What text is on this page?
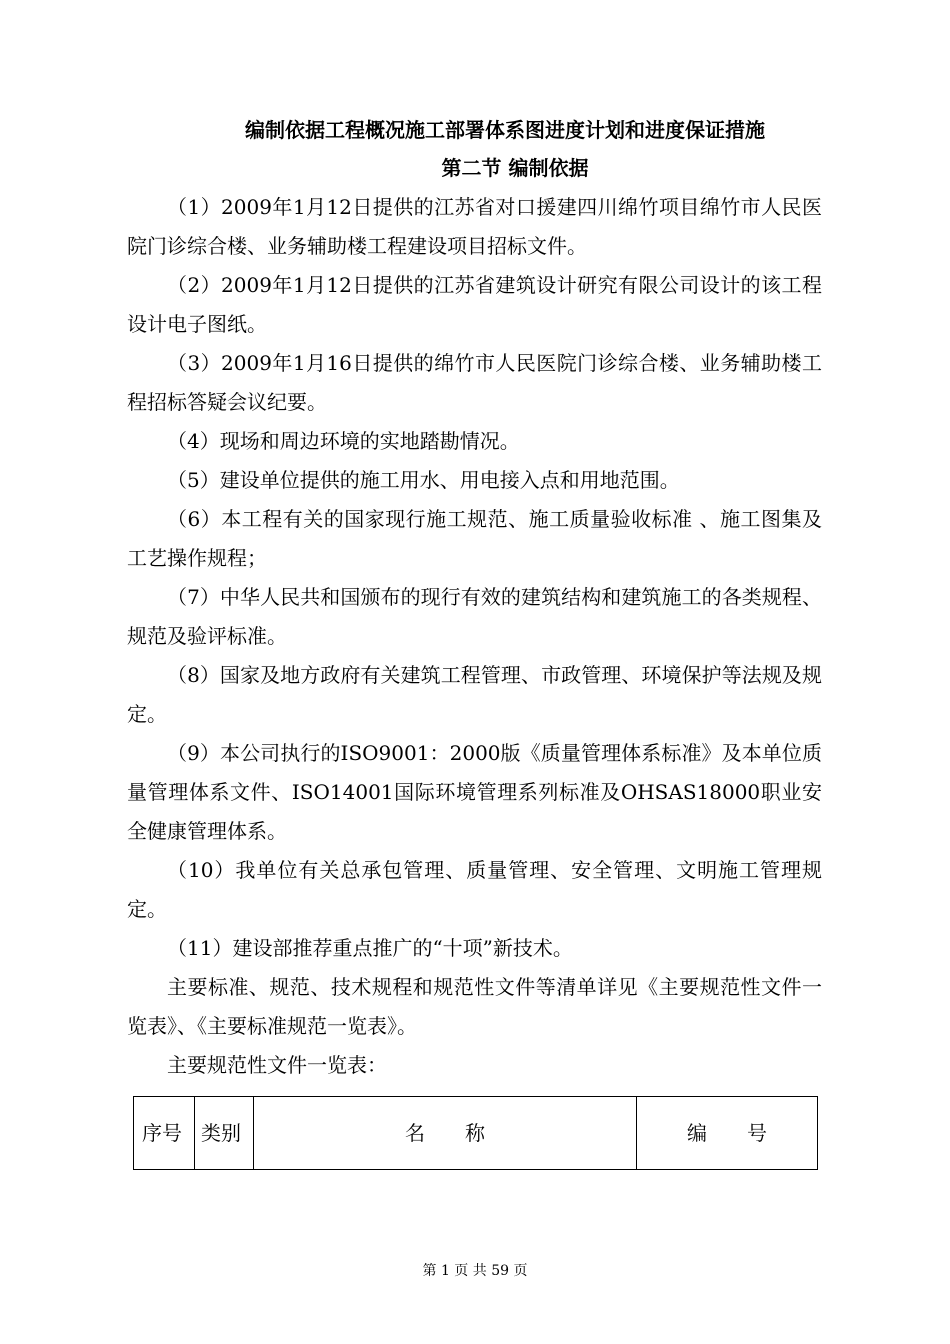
编制依据工程概况施工部署体系图进度计划和进度保证措施
第二节 编制依据

（1）2009年1月12日提供的江苏省对口援建四川绵竹项目绵竹市人民医院门诊综合楼、业务辅助楼工程建设项目招标文件。

（2）2009年1月12日提供的江苏省建筑设计研究有限公司设计的该工程设计电子图纸。

（3）2009年1月16日提供的绵竹市人民医院门诊综合楼、业务辅助楼工程招标答疑会议纪要。

（4）现场和周边环境的实地踏勘情况。

（5）建设单位提供的施工用水、用电接入点和用地范围。

（6）本工程有关的国家现行施工规范、施工质量验收标准 、施工图集及工艺操作规程；

（7）中华人民共和国颁布的现行有效的建筑结构和建筑施工的各类规程、规范及验评标准。

（8）国家及地方政府有关建筑工程管理、市政管理、环境保护等法规及规定。

（9）本公司执行的ISO9001：2000版《质量管理体系标准》及本单位质量管理体系文件、ISO14001国际环境管理系列标准及OHSAS18000职业安全健康管理体系。

（10）我单位有关总承包管理、质量管理、安全管理、文明施工管理规定。

（11）建设部推荐重点推广的“十项”新技术。

主要标准、规范、技术规程和规范性文件等清单详见《主要规范性文件一览表》、《主要标准规范一览表》。

主要规范性文件一览表：

序号	类别	名　　称	编　　号
第 1 页 共 59 页
